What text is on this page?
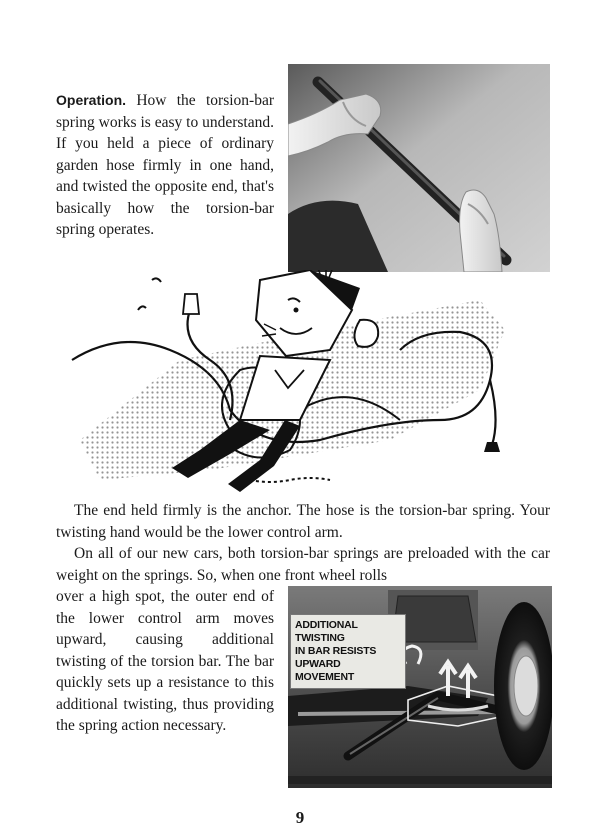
Operation. How the torsion-bar spring works is easy to understand. If you held a piece of ordinary garden hose firmly in one hand, and twisted the opposite end, that's basically how the torsion-bar spring operates.

The end held firmly is the anchor. The hose is the torsion-bar spring. Your twisting hand would be the lower control arm.

On all of our new cars, both torsion-bar springs are preloaded with the car weight on the springs. So, when one front wheel rolls

over a high spot, the outer end of the lower control arm moves upward, causing additional twisting of the torsion bar. The bar quickly sets up a resistance to this additional twisting, thus providing the spring action necessary.
ADDITIONAL TWISTING
IN BAR RESISTS
UPWARD MOVEMENT
9
